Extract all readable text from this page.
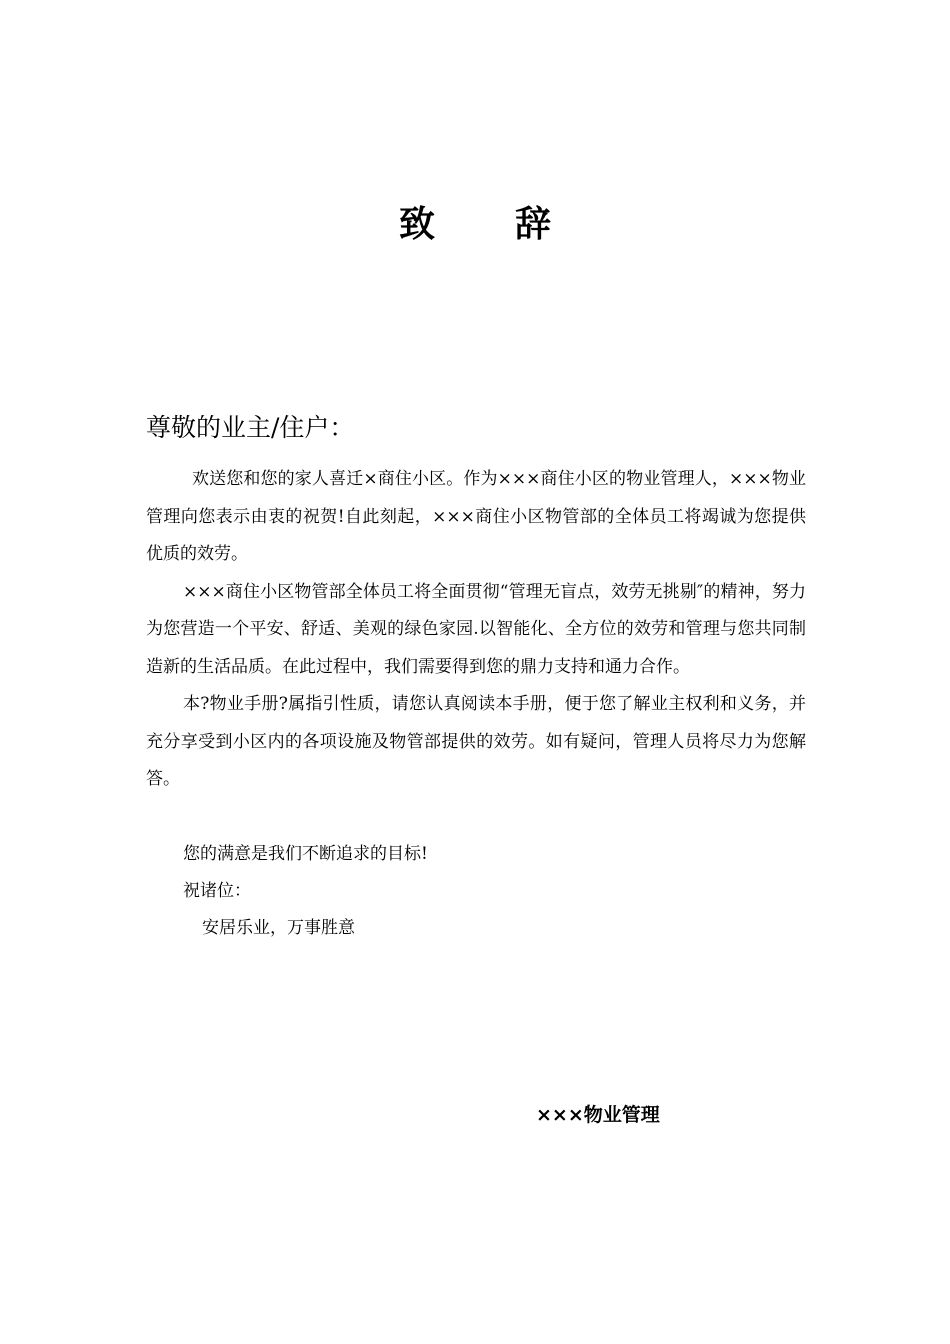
致 辞
尊敬的业主/住户：

欢送您和您的家人喜迁×商住小区。作为×××商住小区的物业管理人，×××物业管理向您表示由衷的祝贺!自此刻起，×××商住小区物管部的全体员工将竭诚为您提供优质的效劳。

×××商住小区物管部全体员工将全面贯彻“管理无盲点，效劳无挑剔″的精神，努力为您营造一个平安、舒适、美观的绿色家园.以智能化、全方位的效劳和管理与您共同制造新的生活品质。在此过程中，我们需要得到您的鼎力支持和通力合作。

本?物业手册?属指引性质，请您认真阅读本手册，便于您了解业主权利和义务，并充分享受到小区内的各项设施及物管部提供的效劳。如有疑问，管理人员将尽力为您解答。

您的满意是我们不断追求的目标!
祝诸位：
安居乐业，万事胜意
×××物业管理
